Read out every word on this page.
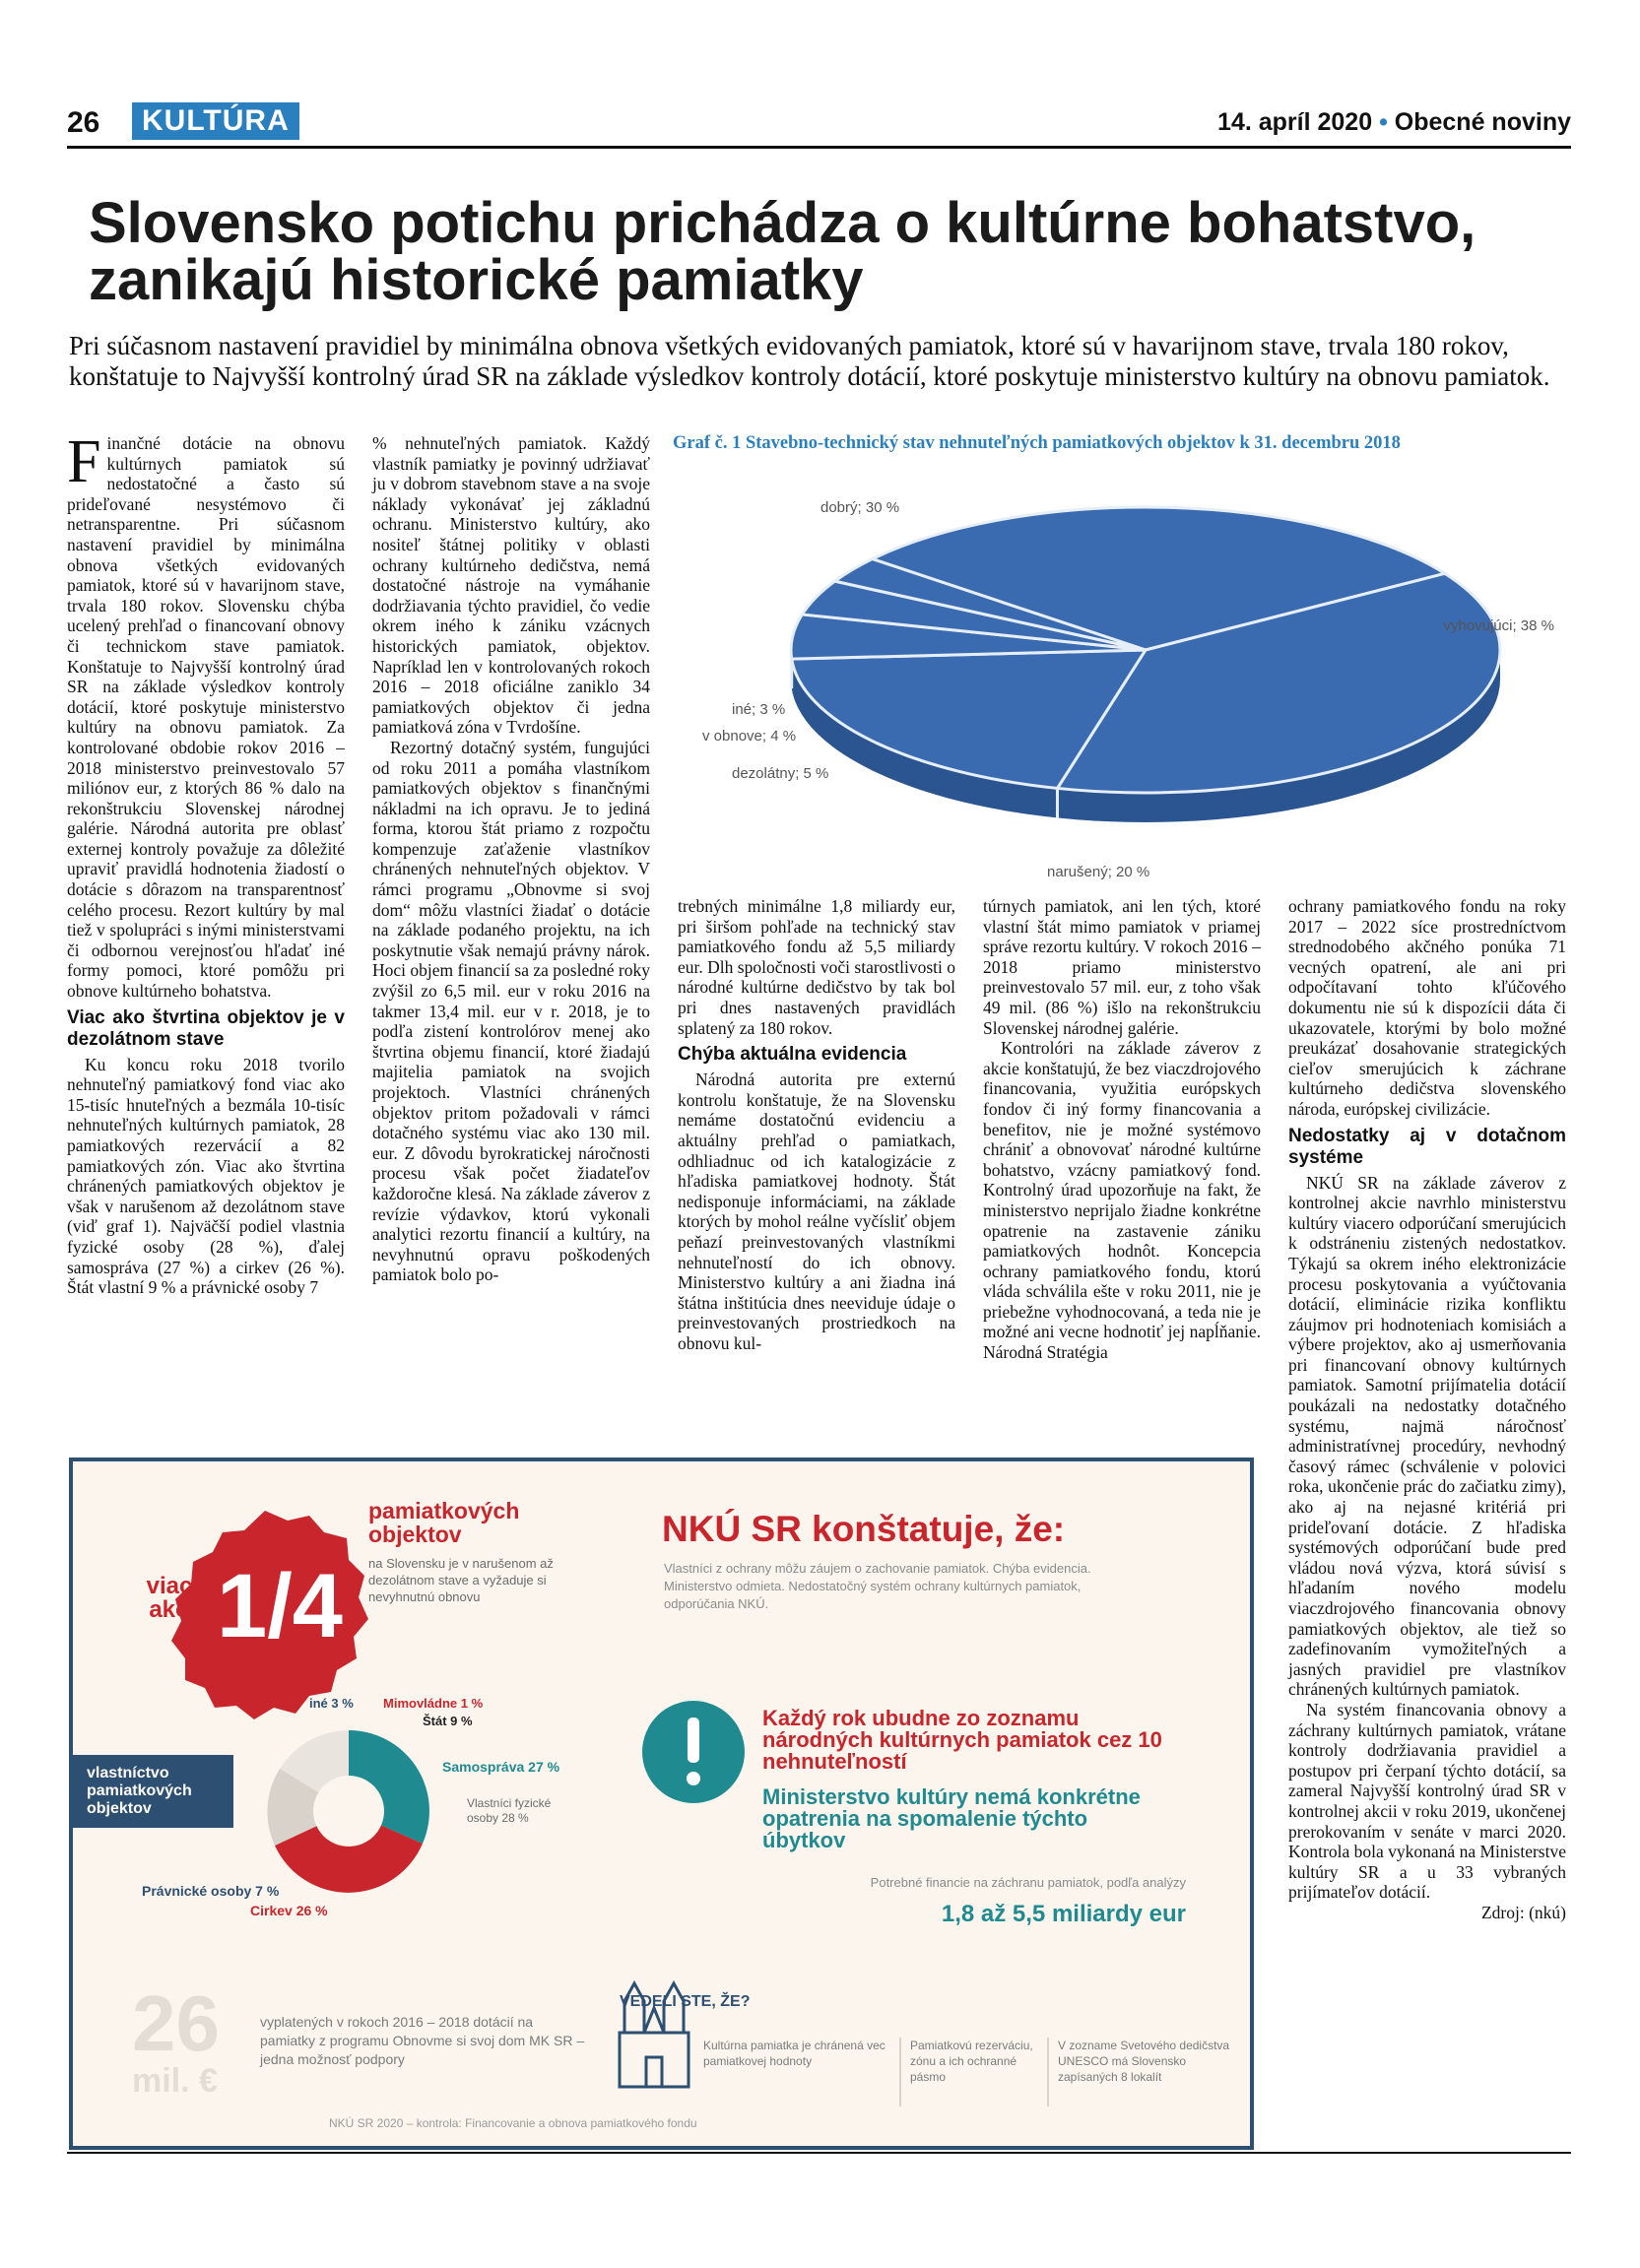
26	KULTÚRA	14. apríl 2020 • Obecné noviny
Slovensko potichu prichádza o kultúrne bohatstvo,
zanikajú historické pamiatky
Pri súčasnom nastavení pravidiel by minimálna obnova všetkých evidovaných pamiatok, ktoré sú v havarijnom stave, trvala 180 rokov, konštatuje to Najvyšší kontrolný úrad SR na základe výsledkov kontroly dotácií, ktoré poskytuje ministerstvo kultúry na obnovu pamiatok.

Finančné dotácie na obnovu kultúrnych pamiatok sú nedostatočné a často sú prideľované nesystémovo či netransparentne. Pri súčasnom nastavení pravidiel by minimálna obnova všetkých evidovaných pamiatok, ktoré sú v havarijnom stave, trvala 180 rokov. Slovensku chýba ucelený prehľad o financovaní obnovy či technickom stave pamiatok. Konštatuje to Najvyšší kontrolný úrad SR na základe výsledkov kontroly dotácií, ktoré poskytuje ministerstvo kultúry na obnovu pamiatok. Za kontrolované obdobie rokov 2016 – 2018 ministerstvo preinvestovalo 57 miliónov eur, z ktorých 86 % dalo na rekonštrukciu Slovenskej národnej galérie. Národná autorita pre oblasť externej kontroly považuje za dôležité upraviť pravidlá hodnotenia žiadostí o dotácie s dôrazom na transparentnosť celého procesu. Rezort kultúry by mal tiež v spolupráci s inými ministerstvami či odbornou verejnosťou hľadať iné formy pomoci, ktoré pomôžu pri obnove kultúrneho bohatstva.

Viac ako štvrtina objektov je v dezolátnom stave

Ku koncu roku 2018 tvorilo nehnuteľný pamiatkový fond viac ako 15-tisíc hnuteľných a bezmála 10-tisíc nehnuteľných kultúrnych pamiatok, 28 pamiatkových rezervácií a 82 pamiatkových zón. Viac ako štvrtina chránených pamiatkových objektov je však v narušenom až dezolátnom stave (viď graf 1). Najväčší podiel vlastnia fyzické osoby (28 %), ďalej samospráva (27 %) a cirkev (26 %). Štát vlastní 9 % a právnické osoby 7

% nehnuteľných pamiatok. Každý vlastník pamiatky je povinný udržiavať ju v dobrom stavebnom stave a na svoje náklady vykonávať jej základnú ochranu. Ministerstvo kultúry, ako nositeľ štátnej politiky v oblasti ochrany kultúrneho dedičstva, nemá dostatočné nástroje na vymáhanie dodržiavania týchto pravidiel, čo vedie okrem iného k zániku vzácnych historických pamiatok, objektov. Napríklad len v kontrolovaných rokoch 2016 – 2018 oficiálne zaniklo 34 pamiatkových objektov či jedna pamiatková zóna v Tvrdošíne.

Rezortný dotačný systém, fungujúci od roku 2011 a pomáha vlastníkom pamiatkových objektov s finančnými nákladmi na ich opravu. Je to jediná forma, ktorou štát priamo z rozpočtu kompenzuje zaťaženie vlastníkov chránených nehnuteľných objektov. V rámci programu „Obnovme si svoj dom“ môžu vlastníci žiadať o dotácie na základe podaného projektu, na ich poskytnutie však nemajú právny nárok. Hoci objem financií sa za posledné roky zvýšil zo 6,5 mil. eur v roku 2016 na takmer 13,4 mil. eur v r. 2018, je to podľa zistení kontrolórov menej ako štvrtina objemu financií, ktoré žiadajú majitelia pamiatok na svojich projektoch. Vlastníci chránených objektov pritom požadovali v rámci dotačného systému viac ako 130 mil. eur. Z dôvodu byrokratickej náročnosti procesu však počet žiadateľov každoročne klesá. Na základe záverov z revízie výdavkov, ktorú vykonali analytici rezortu financií a kultúry, na nevyhnutnú opravu poškodených pamiatok bolo po-

Graf č. 1 Stavebno-technický stav nehnuteľných pamiatkových objektov k 31. decembru 2018
dobrý; 30 %
vyhovujúci; 38 %
narušený; 20 %
dezolátny; 5 %
v obnove; 4 %
iné; 3 %

trebných minimálne 1,8 miliardy eur, pri širšom pohľade na technický stav pamiatkového fondu až 5,5 miliardy eur. Dlh spoločnosti voči starostlivosti o národné kultúrne dedičstvo by tak bol pri dnes nastavených pravidlách splatený za 180 rokov.

Chýba aktuálna evidencia

Národná autorita pre externú kontrolu konštatuje, že na Slovensku nemáme dostatočnú evidenciu a aktuálny prehľad o pamiatkach, odhliadnuc od ich katalogizácie z hľadiska pamiatkovej hodnoty. Štát nedisponuje informáciami, na základe ktorých by mohol reálne vyčísliť objem peňazí preinvestovaných vlastníkmi nehnuteľností do ich obnovy. Ministerstvo kultúry a ani žiadna iná štátna inštitúcia dnes neeviduje údaje o preinvestovaných prostriedkoch na obnovu kul-

túrnych pamiatok, ani len tých, ktoré vlastní štát mimo pamiatok v priamej správe rezortu kultúry. V rokoch 2016 – 2018 priamo ministerstvo preinvestovalo 57 mil. eur, z toho však 49 mil. (86 %) išlo na rekonštrukciu Slovenskej národnej galérie.

Kontrolóri na základe záverov z akcie konštatujú, že bez viaczdrojového financovania, využitia európskych fondov či iný formy financovania a benefitov, nie je možné systémovo chrániť a obnovovať národné kultúrne bohatstvo, vzácny pamiatkový fond. Kontrolný úrad upozorňuje na fakt, že ministerstvo neprijalo žiadne konkrétne opatrenie na zastavenie zániku pamiatkových hodnôt. Koncepcia ochrany pamiatkového fondu, ktorú vláda schválila ešte v roku 2011, nie je priebežne vyhodnocovaná, a teda nie je možné ani vecne hodnotiť jej napĺňanie. Národná Stratégia

ochrany pamiatkového fondu na roky 2017 – 2022 síce prostredníctvom strednodobého akčného ponúka 71 vecných opatrení, ale ani pri odpočítavaní tohto kľúčového dokumentu nie sú k dispozícii dáta či ukazovatele, ktorými by bolo možné preukázať dosahovanie strategických cieľov smerujúcich k záchrane kultúrneho dedičstva slovenského národa, európskej civilizácie.

Nedostatky aj v dotačnom systéme

NKÚ SR na základe záverov z kontrolnej akcie navrhlo ministerstvu kultúry viacero odporúčaní smerujúcich k odstráneniu zistených nedostatkov. Týkajú sa okrem iného elektronizácie procesu poskytovania a vyúčtovania dotácií, eliminácie rizika konfliktu záujmov pri hodnoteniach komisiách a výbere projektov, ako aj usmerňovania pri financovaní obnovy kultúrnych pamiatok. Samotní prijímatelia dotácií poukázali na nedostatky dotačného systému, najmä náročnosť administratívnej procedúry, nevhodný časový rámec (schválenie v polovici roka, ukončenie prác do začiatku zimy), ako aj na nejasné kritériá pri prideľovaní dotácie. Z hľadiska systémových odporúčaní bude pred vládou nová výzva, ktorá súvisí s hľadaním nového modelu viaczdrojového financovania obnovy pamiatkových objektov, ale tiež so zadefinovaním vymožiteľných a jasných pravidiel pre vlastníkov chránených kultúrnych pamiatok.

Na systém financovania obnovy a záchrany kultúrnych pamiatok, vrátane kontroly dodržiavania pravidiel a postupov pri čerpaní týchto dotácií, sa zameral Najvyšší kontrolný úrad SR v kontrolnej akcii v roku 2019, ukončenej prerokovaním v senáte v marci 2020. Kontrola bola vykonaná na Ministerstve kultúry SR a u 33 vybraných prijímateľov dotácií.

Zdroj: (nkú)
viac ako 1/4
pamiatkových objektov
na Slovensku je v narušenom až dezolátnom stave a vyžaduje si nevyhnutnú obnovu
vlastníctvo pamiatkových objektov
iné 3 % Mimovládne 1 %
Štát 9 %
Samospráva 27 %
Vlastníci fyzické osoby 28 %
Právnické osoby 7 %
Cirkev 26 %
NKÚ SR konštatuje, že:
Vlastníci z ochrany môžu záujem o zachovanie pamiatok. Chýba evidencia. Ministerstvo odmieta. Nedostatočný systém ochrany kultúrnych pamiatok, odporúčania NKÚ.
Každý rok ubudne zo zoznamu národných kultúrnych pamiatok cez 10 nehnuteľností
Ministerstvo kultúry nemá konkrétne opatrenia na spomalenie týchto úbytkov
Potrebné financie na záchranu pamiatok, podľa analýzy
1,8 až 5,5 miliardy eur
26
mil. €
vyplatených v rokoch 2016 – 2018 dotácií na pamiatky z programu Obnovme si svoj dom MK SR – jedna možnosť podpory
VEDELI STE, ŽE?
Kultúrna pamiatka je chránená vec pamiatkovej hodnoty
Pamiatkovú rezerváciu, zónu a ich ochranné pásmo
V zozname Svetového dedičstva UNESCO má Slovensko zapísaných 8 lokalít
NKÚ SR 2020 – kontrola: Financovanie a obnova pamiatkového fondu
